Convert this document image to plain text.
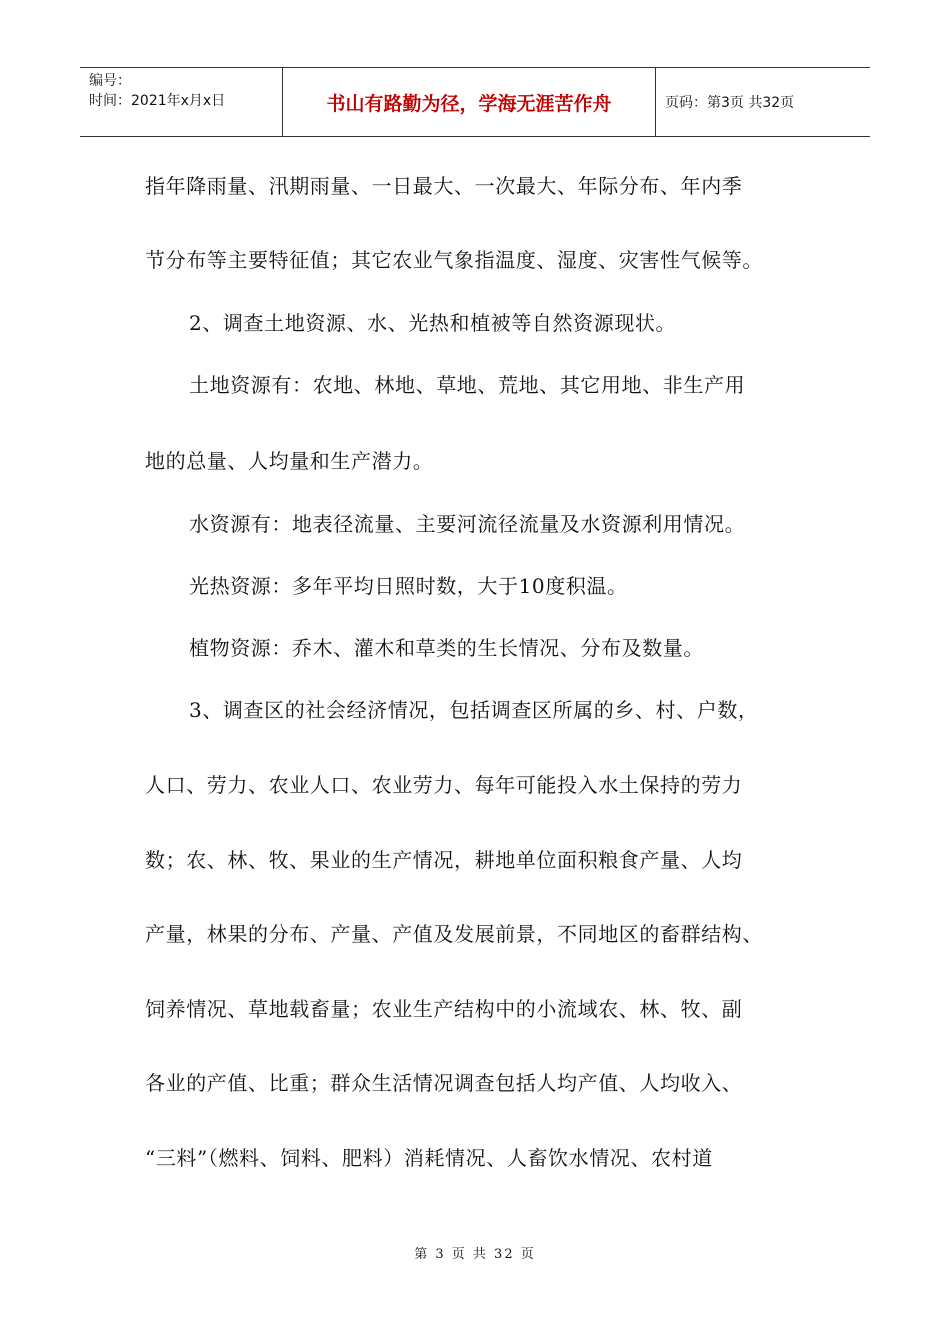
编号：
时间：2021年x月x日	书山有路勤为径，学海无涯苦作舟	页码：第3页 共32页
指年降雨量、汛期雨量、一日最大、一次最大、年际分布、年内季
节分布等主要特征值；其它农业气象指温度、湿度、灾害性气候等。
2、调查土地资源、水、光热和植被等自然资源现状。
土地资源有：农地、林地、草地、荒地、其它用地、非生产用
地的总量、人均量和生产潜力。
水资源有：地表径流量、主要河流径流量及水资源利用情况。
光热资源：多年平均日照时数，大于10度积温。
植物资源：乔木、灌木和草类的生长情况、分布及数量。
3、调查区的社会经济情况，包括调查区所属的乡、村、户数，
人口、劳力、农业人口、农业劳力、每年可能投入水土保持的劳力
数；农、林、牧、果业的生产情况，耕地单位面积粮食产量、人均
产量，林果的分布、产量、产值及发展前景，不同地区的畜群结构、
饲养情况、草地载畜量；农业生产结构中的小流域农、林、牧、副
各业的产值、比重；群众生活情况调查包括人均产值、人均收入、
“三料”（燃料、饲料、肥料）消耗情况、人畜饮水情况、农村道
第 3 页 共 32 页
